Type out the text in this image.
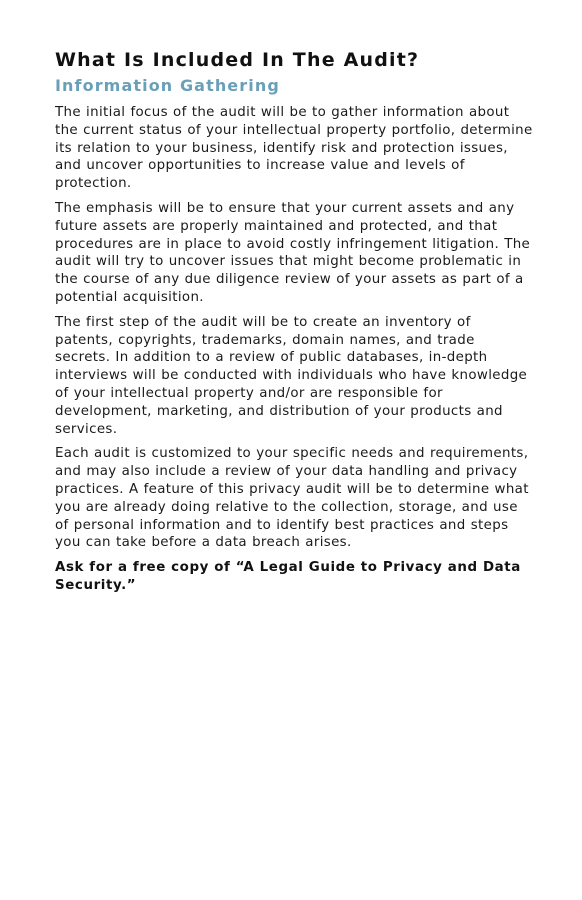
What Is Included In The Audit?
Information Gathering

The initial focus of the audit will be to gather information about the current status of your intellectual property portfolio, determine its relation to your business, identify risk and protection issues, and uncover opportunities to increase value and levels of protection.

The emphasis will be to ensure that your current assets and any future assets are properly maintained and protected, and that procedures are in place to avoid costly infringement litigation. The audit will try to uncover issues that might become problematic in the course of any due diligence review of your assets as part of a potential acquisition.

The first step of the audit will be to create an inventory of patents, copyrights, trademarks, domain names, and trade secrets. In addition to a review of public databases, in-depth interviews will be conducted with individuals who have knowledge of your intellectual property and/or are responsible for development, marketing, and distribution of your products and services.

Each audit is customized to your specific needs and requirements, and may also include a review of your data handling and privacy practices. A feature of this privacy audit will be to determine what you are already doing relative to the collection, storage, and use of personal information and to identify best practices and steps you can take before a data breach arises.

Ask for a free copy of “A Legal Guide to Privacy and Data Security.”
